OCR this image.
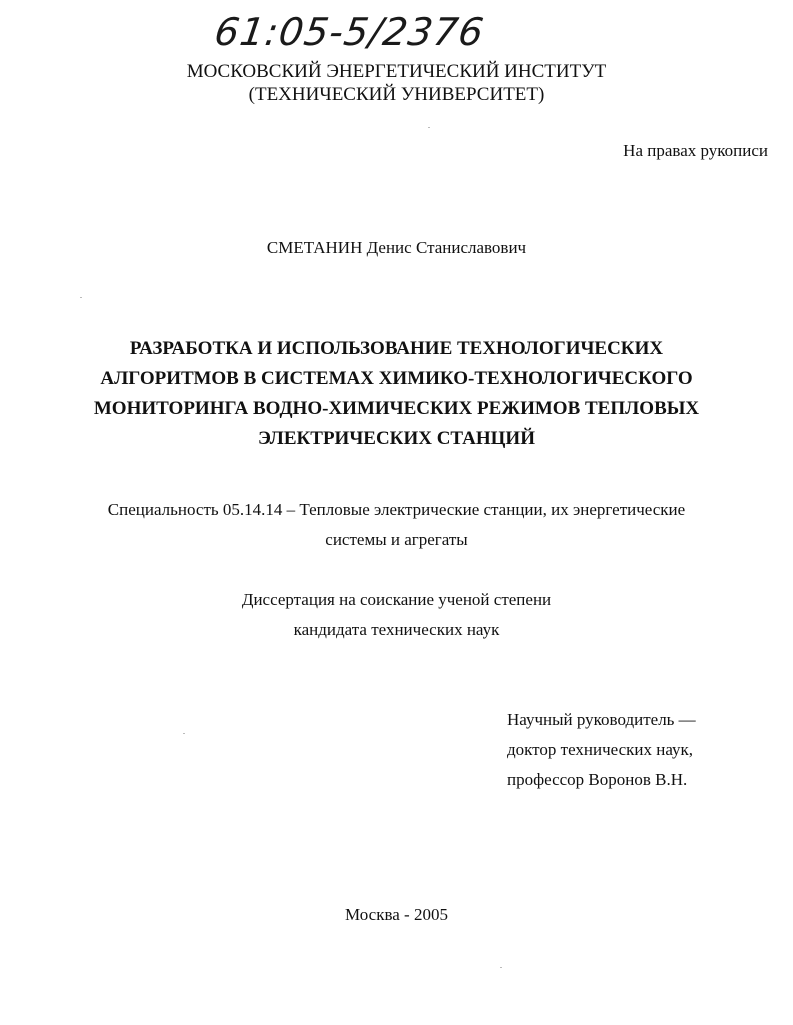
61:05-5/2376
МОСКОВСКИЙ ЭНЕРГЕТИЧЕСКИЙ ИНСТИТУТ
(ТЕХНИЧЕСКИЙ УНИВЕРСИТЕТ)
На правах рукописи
СМЕТАНИН Денис Станиславович
РАЗРАБОТКА И ИСПОЛЬЗОВАНИЕ ТЕХНОЛОГИЧЕСКИХ
АЛГОРИТМОВ В СИСТЕМАХ ХИМИКО-ТЕХНОЛОГИЧЕСКОГО
МОНИТОРИНГА ВОДНО-ХИМИЧЕСКИХ РЕЖИМОВ ТЕПЛОВЫХ
ЭЛЕКТРИЧЕСКИХ СТАНЦИЙ
Специальность 05.14.14 – Тепловые электрические станции, их энергетические
системы и агрегаты
Диссертация на соискание ученой степени
кандидата технических наук
Научный руководитель —
доктор технических наук,
профессор Воронов В.Н.
Москва - 2005
